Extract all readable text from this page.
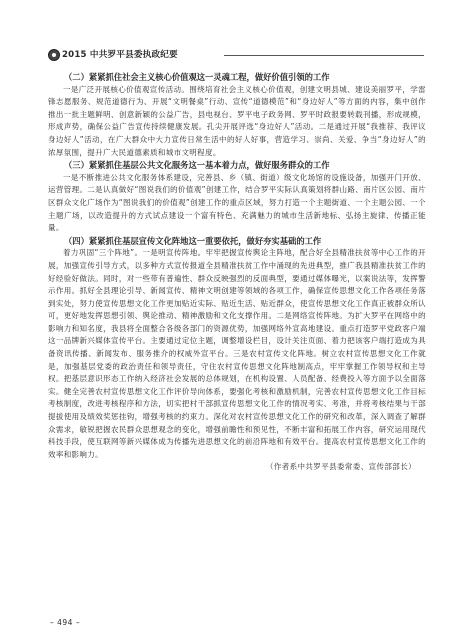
2015 中共罗平县委执政纪要

（二）紧紧抓住社会主义核心价值观这一灵魂工程，做好价值引领的工作

一是广泛开展核心价值观宣传活动。围绕培育社会主义核心价值观，创建文明县城、建设美丽罗平，学雷锋志愿服务、规范道德行为、开展“文明餐桌”行动、宣传“道德模范”和“身边好人”等方面的内容，集中创作推出一批主题鲜明、创意新颖的公益广告，县电视台、罗平电子政务网、罗平时政报要转载刊播，形成规模，形成声势，确保公益广告宣传持续健康发展。孔尖开展评选“身边好人”活动。二是通过开展“我推荐、我评议身边好人”活动，在广大群众中大力宣传日常生活中的好人好事，营造学习、崇尚、关爱、争当“身边好人”的浓厚氛围，提升广大民道德素质和城市文明程度。

（三）紧紧抓住基层公共文化服务这一基本着力点，做好服务群众的工作

一是不断推进公共文化服务体系建设，完善县、乡（镇、街道）级文化场馆的设施设备，加强开门开放、运营管理。二是认真做好“图说我们的价值观”创建工作，结合罗平实际认真策划将群山路、南片区公园、南片区群众文化广场作为“图说我们的价值观”创建工作的重点区域，努力打造一个主题街道、一个主题公园、一个主题广场，以改造提升的方式试点建设一个富有特色、充满魅力的城市生活新地标、弘扬主旋律、传播正能量。

（四）紧紧抓住基层宣传文化阵地这一重要依托，做好夯实基础的工作

着力巩固“三个阵地”。一是明宣传阵地。牢牢把握宣传舆论主阵地，配合好全县精准扶贫等中心工作的开展，加强宣传引导方式，以多种方式宣传报道全县精准扶贫工作中涌现的先进典型，推广我县精准扶贫工作的好经验好做法。同时，对一些带有普遍性、群众反映强烈的反面典型，要通过媒体曝光，以案说法等，发挥警示作用。抓好全县理论引导、新闻宣传、精神文明创建等领域的各项工作，确保宣传思想文化工作各项任务落到实处，努力使宣传思想文化工作更加贴近实际、贴近生活、贴近群众，使宣传思想文化工作真正被群众所认可，更好地发挥思想引领、舆论推动、精神激励和文化支撑作用。二是网络宣传阵地。为扩大罗平在网络中的影响力和知名度，我县将全面整合各级各部门的资源优势，加强网络外宣高地建设。重点打造罗平党政客户端这一品牌新兴媒体宣传平台。主要通过定位主题，调整增设栏目，设计关注页面、着力把该客户端打造成为具备资讯传播、新闻发布、服务推介的权威外宣平台。三是农村宣传文化阵地。树立农村宣传思想文化工作就是，加强基层党委的政治责任和领导责任，守住农村宣传思想文化阵地制高点，牢牢掌握工作领导权和主导权。把基层意识形态工作纳入经济社会发展的总体规划，在机构设置、人员配备、经费投入等方面予以全面落实。健全完善农村宣传思想文化工作评价导向体系，要强化考核和激励机制，完善农村宣传思想文化工作目标考核制度，改进考核程序和方法，切实把村干部抓宣传思想文化工作的情况考实、考准，并将考核结果与干部提拔使用及绩效奖惩挂钩，增强考核的约束力。深化对农村宣传思想文化工作的研究和改革，深入调查了解群众需求，敏锐把握农民群众思想观念的变化，增强前瞻性和预见性，不断丰富和拓展工作内容，研究运用现代科技手段，使互联网等新兴媒体成为传播先进思想文化的前沿阵地和有效平台。提高农村宣传思想文化工作的效率和影响力。

（作者系中共罗平县委常委、宣传部部长）

– 494 –
